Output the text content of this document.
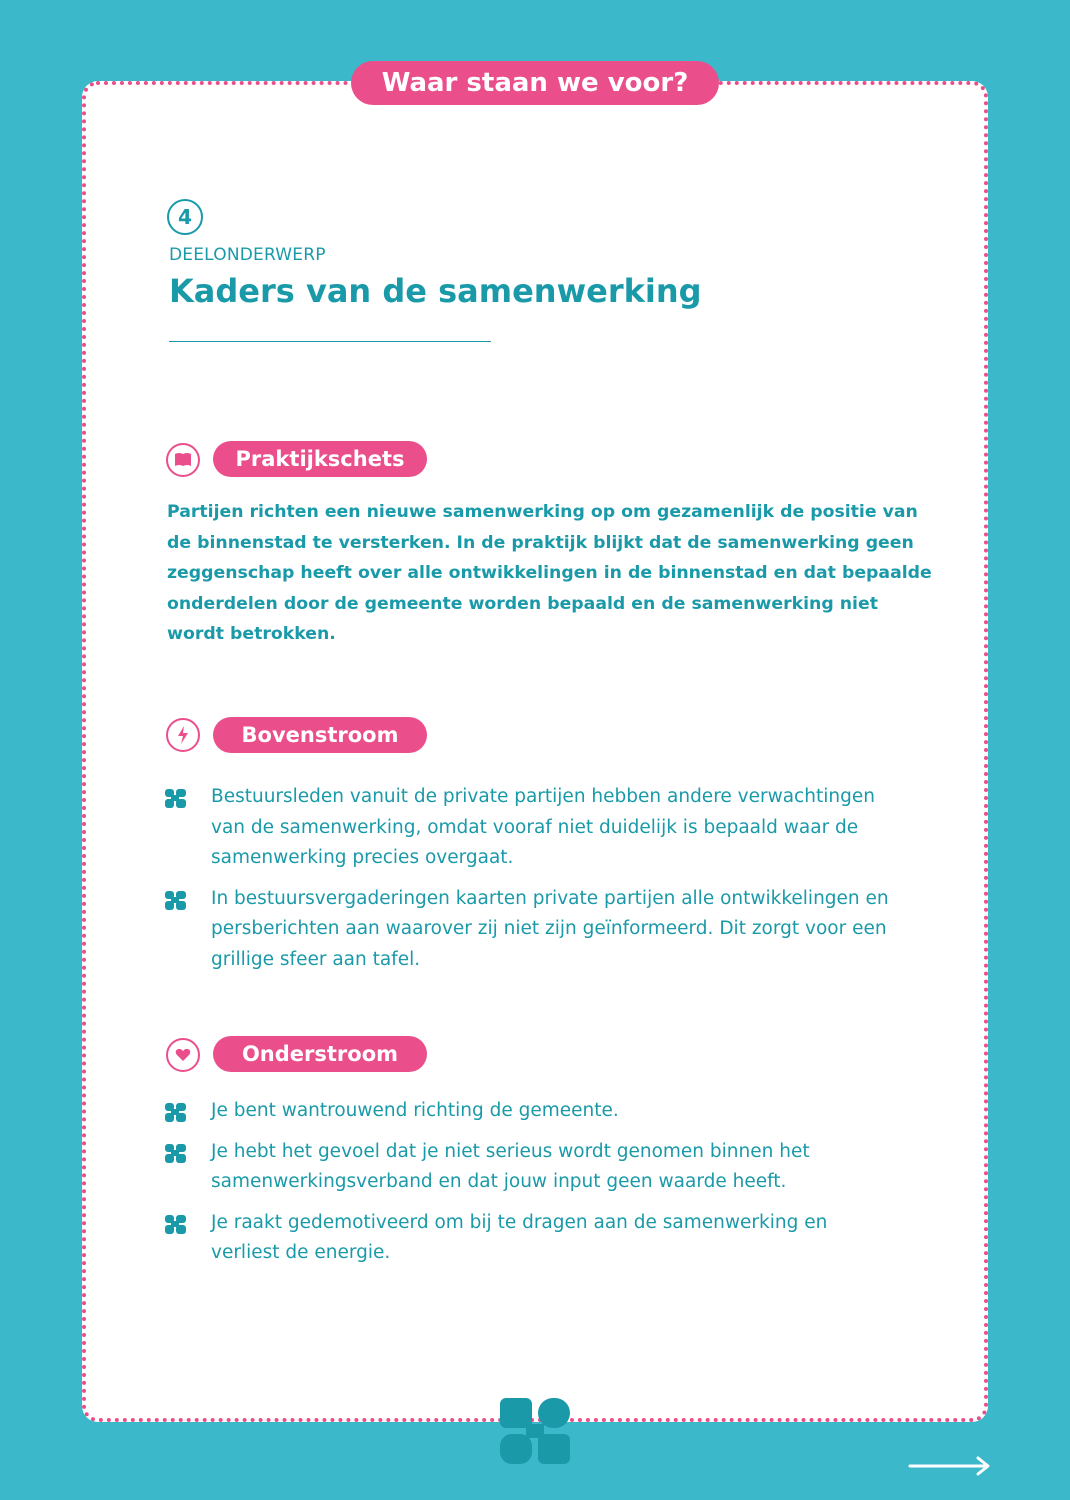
Waar staan we voor?
4
DEELONDERWERP
Kaders van de samenwerking
Praktijkschets

Partijen richten een nieuwe samenwerking op om gezamenlijk de positie van de binnenstad te versterken. In de praktijk blijkt dat de samenwerking geen zeggenschap heeft over alle ontwikkelingen in de binnenstad en dat bepaalde onderdelen door de gemeente worden bepaald en de samenwerking niet wordt betrokken.

Bovenstroom
Bestuursleden vanuit de private partijen hebben andere verwachtingen van de samenwerking, omdat vooraf niet duidelijk is bepaald waar de samenwerking precies overgaat.
In bestuursvergaderingen kaarten private partijen alle ontwikkelingen en persberichten aan waarover zij niet zijn geïnformeerd. Dit zorgt voor een grillige sfeer aan tafel.
Onderstroom
Je bent wantrouwend richting de gemeente.
Je hebt het gevoel dat je niet serieus wordt genomen binnen het samenwerkingsverband en dat jouw input geen waarde heeft.
Je raakt gedemotiveerd om bij te dragen aan de samenwerking en verliest de energie.
